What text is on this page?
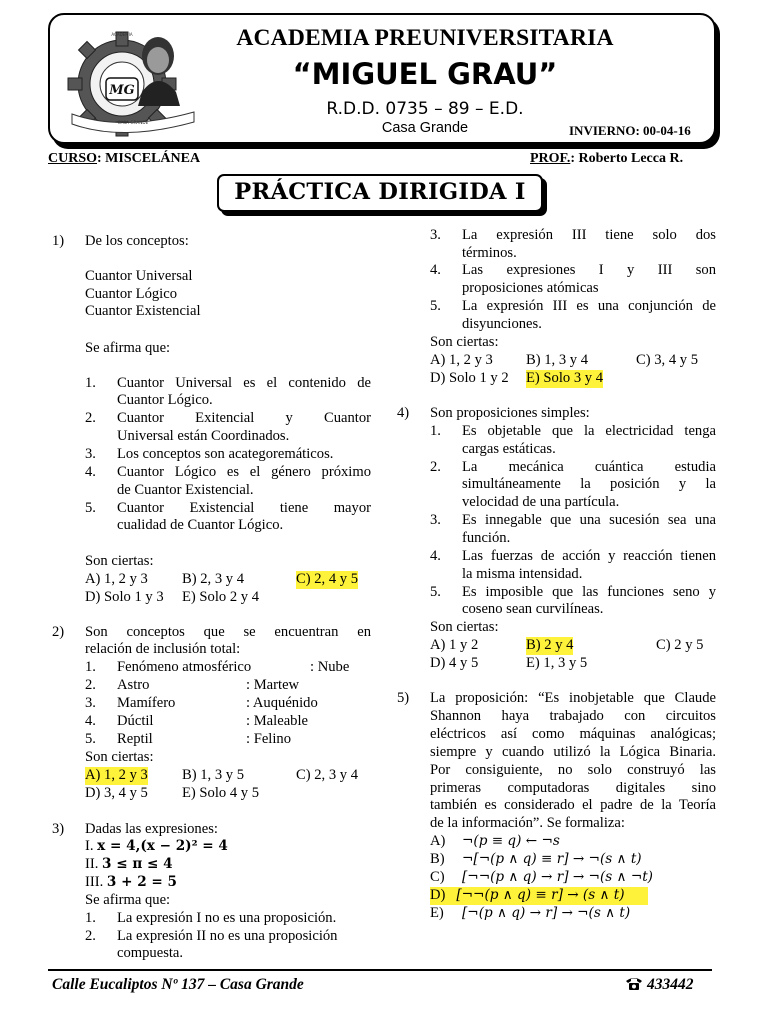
MG
CASA GRANDE
ACADEMIA	ACADEMIA PREUNIVERSITARIA
“MIGUEL GRAU”
R.D.D. 0735 – 89 – E.D.
Casa Grande	INVIERNO: 00-04-16
CURSO: MISCELÁNEA	PROF.: Roberto Lecca R.
PRÁCTICA DIRIGIDA I
1) De los conceptos:
Cuantor Universal
Cuantor Lógico
Cuantor Existencial
Se afirma que:
1. Cuantor Universal es el contenido de
Cuantor Lógico.
2. Cuantor Exitencial y Cuantor
Universal están Coordinados.
3. Los conceptos son acategoremáticos.
4. Cuantor Lógico es el género próximo
de Cuantor Existencial.
5. Cuantor Existencial tiene mayor
cualidad de Cuantor Lógico.
Son ciertas:
A) 1, 2 y 3 B) 2, 3 y 4	C) 2, 4 y 5
D) Solo 1 y 3 E) Solo 2 y 4
2) Son conceptos que se encuentran en
relación de inclusión total:
1. Fenómeno atmosférico	: Nube
2. Astro	: Martew
3. Mamífero	: Auquénido
4. Dúctil	: Maleable
5. Reptil	: Felino
Son ciertas:
A) 1, 2 y 3 B) 1, 3 y 5	C) 2, 3 y 4
D) 3, 4 y 5 E) Solo 4 y 5
3) Dadas las expresiones:
I. x = 4,(x − 2)² = 4
II. 3 ≤ π ≤ 4
III. 3 + 2 = 5
Se afirma que:
1. La expresión I no es una proposición.
2. La expresión II no es una proposición
compuesta.
3. La expresión III tiene solo dos
términos.
4. Las expresiones I y III son
proposiciones atómicas
5. La expresión III es una conjunción de
disyunciones.
Son ciertas:
A) 1, 2 y 3 B) 1, 3 y 4	C) 3, 4 y 5
D) Solo 1 y 2 E) Solo 3 y 4
4) Son proposiciones simples:
1. Es objetable que la electricidad tenga
cargas estáticas.
2. La mecánica cuántica estudia
simultáneamente la posición y la
velocidad de una partícula.
3. Es innegable que una sucesión sea una
función.
4. Las fuerzas de acción y reacción tienen
la misma intensidad.
5. Es imposible que las funciones seno y
coseno sean curvilíneas.
Son ciertas:
A) 1 y 2	B) 2 y 4	C) 2 y 5
D) 4 y 5	E) 1, 3 y 5
5) La proposición: “Es inobjetable que Claude
Shannon haya trabajado con circuitos
eléctricos así como máquinas analógicas;
siempre y cuando utilizó la Lógica Binaria.
Por consiguiente, no solo construyó las
primeras computadoras digitales sino
también es considerado el padre de la Teoría
de la información”. Se formaliza:
A) ¬(p ≡ q) ← ¬s
B) ¬[¬(p ∧ q) ≡ r] → ¬(s ∧ t)
C) [¬¬(p ∧ q) → r] → ¬(s ∧ ¬t)
D) [¬¬(p ∧ q) ≡ r] → (s ∧ t)
E) [¬(p ∧ q) → r] → ¬(s ∧ t)
Calle Eucaliptos Nº 137 – Casa Grande	433442
